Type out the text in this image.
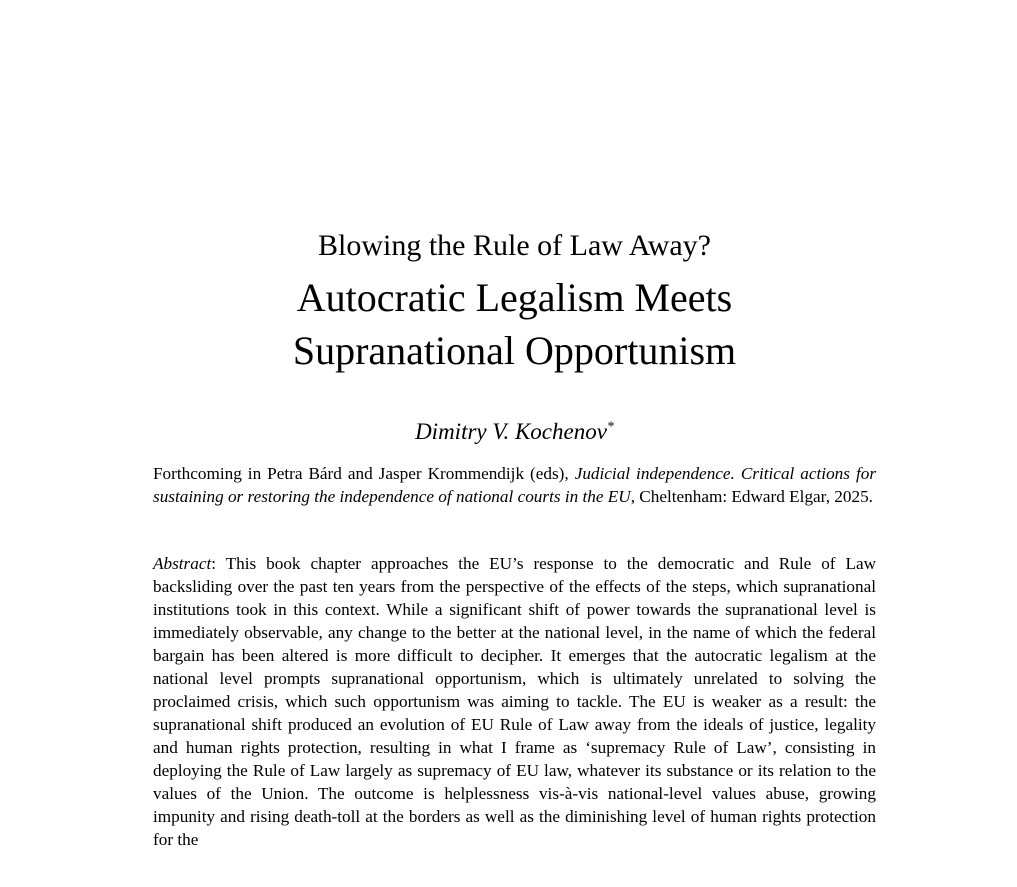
Blowing the Rule of Law Away?
Autocratic Legalism Meets
Supranational Opportunism
Dimitry V. Kochenov*

Forthcoming in Petra Bárd and Jasper Krommendijk (eds), Judicial independence. Critical actions for sustaining or restoring the independence of national courts in the EU, Cheltenham: Edward Elgar, 2025.

Abstract: This book chapter approaches the EU’s response to the democratic and Rule of Law backsliding over the past ten years from the perspective of the effects of the steps, which supranational institutions took in this context. While a significant shift of power towards the supranational level is immediately observable, any change to the better at the national level, in the name of which the federal bargain has been altered is more difficult to decipher. It emerges that the autocratic legalism at the national level prompts supranational opportunism, which is ultimately unrelated to solving the proclaimed crisis, which such opportunism was aiming to tackle. The EU is weaker as a result: the supranational shift produced an evolution of EU Rule of Law away from the ideals of justice, legality and human rights protection, resulting in what I frame as ‘supremacy Rule of Law’, consisting in deploying the Rule of Law largely as supremacy of EU law, whatever its substance or its relation to the values of the Union. The outcome is helplessness vis-à-vis national-level values abuse, growing impunity and rising death-toll at the borders as well as the diminishing level of human rights protection for the
